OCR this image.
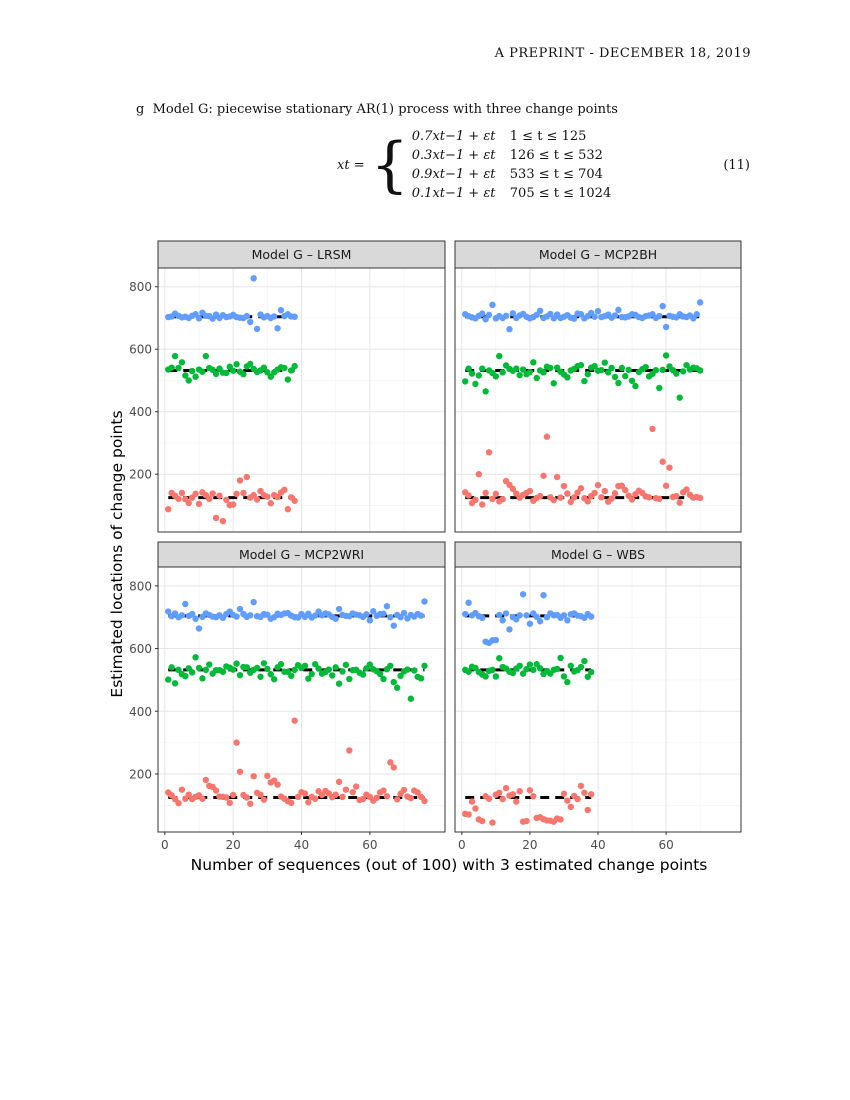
A PREPRINT - DECEMBER 18, 2019
g Model G: piecewise stationary AR(1) process with three change points
xt =	{	0.7xt−1 + εt 1 ≤ t ≤ 125
0.3xt−1 + εt 126 ≤ t ≤ 532
0.9xt−1 + εt 533 ≤ t ≤ 704
0.1xt−1 + εt 705 ≤ t ≤ 1024
(11)
Model G – LRSM
200
400
600
800
Model G – MCP2BH
Model G – MCP2WRI
200
400
600
800
0	20	40	60
Model G – WBS
0	20	40	60
Number of sequences (out of 100) with 3 estimated change points
Estimated locations of change points
